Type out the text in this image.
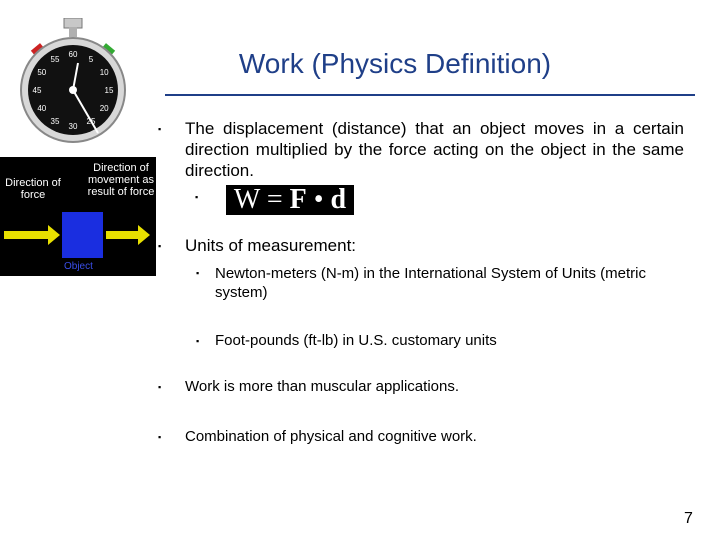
60
5
10
15
20
25
30
35
40
45
50
55	Work (Physics Definition)
Direction of force
Direction of movement as result of force
Object
▪ The displacement (distance) that an object moves in a certain direction multiplied by the force acting on the object in the same direction.
▪ W = F • d
▪ Units of measurement:
▪ Newton-meters (N-m) in the International System of Units (metric system)
▪ Foot-pounds (ft-lb) in U.S. customary units
▪ Work is more than muscular applications.
▪ Combination of physical and cognitive work.
7
